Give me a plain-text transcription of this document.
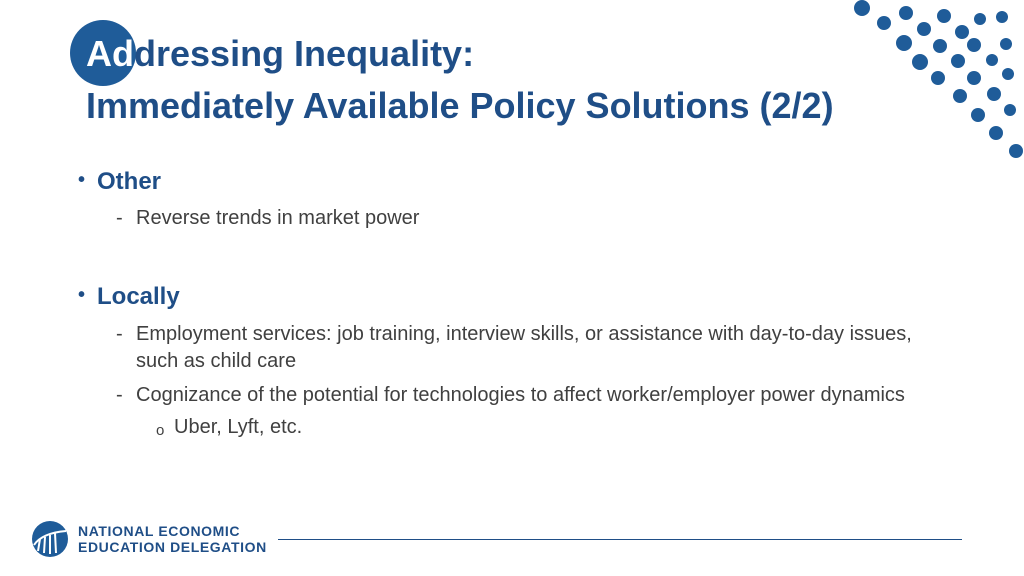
Addressing Inequality:
Immediately Available Policy Solutions (2/2)
• Other
- Reverse trends in market power
• Locally
- Employment services: job training, interview skills, or assistance with day-to-day issues, such as child care
- Cognizance of the potential for technologies to affect worker/employer power dynamics
o Uber, Lyft, etc.
NATIONAL ECONOMIC
EDUCATION DELEGATION
